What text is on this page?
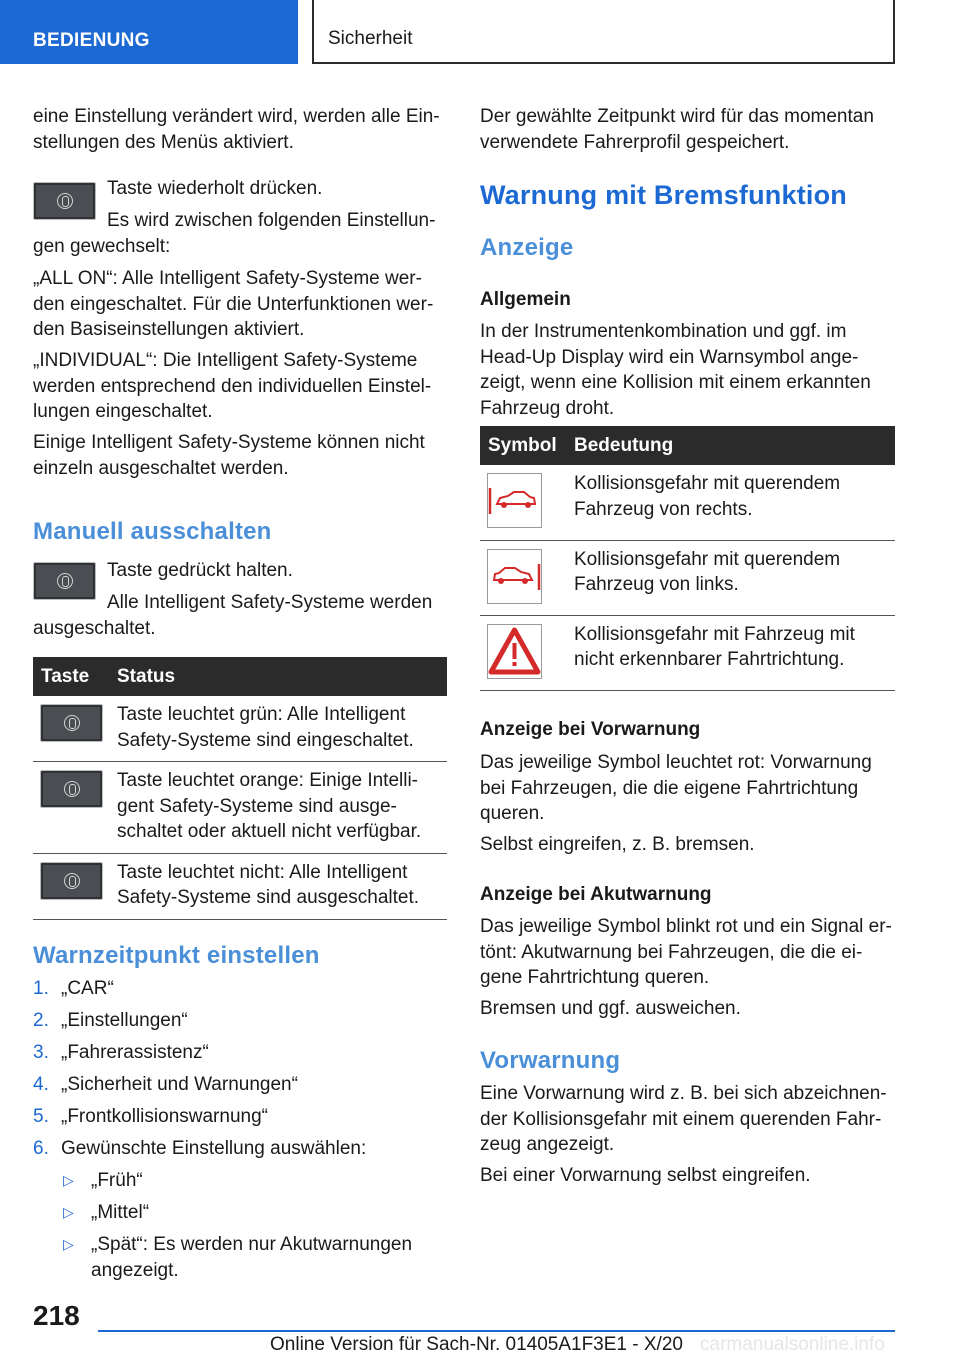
BEDIENUNG	Sicherheit

eine Einstellung verändert wird, werden alle Ein-stellungen des Menüs aktiviert.

Taste wiederholt drücken.

Es wird zwischen folgenden Einstellun-

gen gewechselt:

„ALL ON“: Alle Intelligent Safety-Systeme wer-den eingeschaltet. Für die Unterfunktionen wer-den Basiseinstellungen aktiviert.

„INDIVIDUAL“: Die Intelligent Safety-Systeme werden entsprechend den individuellen Einstel-lungen eingeschaltet.

Einige Intelligent Safety-Systeme können nicht einzeln ausgeschaltet werden.

Manuell ausschalten

Taste gedrückt halten.

Alle Intelligent Safety-Systeme werden

ausgeschaltet.

Taste	Status

	Taste leuchtet grün: Alle Intelligent Safety-Systeme sind eingeschaltet.

	Taste leuchtet orange: Einige Intelli-gent Safety-Systeme sind ausge-schaltet oder aktuell nicht verfügbar.

	Taste leuchtet nicht: Alle Intelligent Safety-Systeme sind ausgeschaltet.
Warnzeitpunkt einstellen
1. „CAR“
2. „Einstellungen“
3. „Fahrerassistenz“
4. „Sicherheit und Warnungen“
5. „Frontkollisionswarnung“
6. Gewünschte Einstellung auswählen:
▷ „Früh“
▷ „Mittel“
▷ „Spät“: Es werden nur Akutwarnungen angezeigt.

Der gewählte Zeitpunkt wird für das momentan verwendete Fahrerprofil gespeichert.

Warnung mit Bremsfunktion
Anzeige
Allgemein

In der Instrumentenkombination und ggf. im Head-Up Display wird ein Warnsymbol ange-zeigt, wenn eine Kollision mit einem erkannten Fahrzeug droht.

Symbol	Bedeutung

	Kollisionsgefahr mit querendem Fahrzeug von rechts.

	Kollisionsgefahr mit querendem Fahrzeug von links.

	Kollisionsgefahr mit Fahrzeug mit nicht erkennbarer Fahrtrichtung.
Anzeige bei Vorwarnung

Das jeweilige Symbol leuchtet rot: Vorwarnung bei Fahrzeugen, die die eigene Fahrtrichtung queren.

Selbst eingreifen, z. B. bremsen.

Anzeige bei Akutwarnung

Das jeweilige Symbol blinkt rot und ein Signal er-tönt: Akutwarnung bei Fahrzeugen, die die ei-gene Fahrtrichtung queren.

Bremsen und ggf. ausweichen.

Vorwarnung

Eine Vorwarnung wird z. B. bei sich abzeichnen-der Kollisionsgefahr mit einem querenden Fahr-zeug angezeigt.

Bei einer Vorwarnung selbst eingreifen.

218
Online Version für Sach-Nr. 01405A1F3E1 - X/20 carmanualsonline.info
